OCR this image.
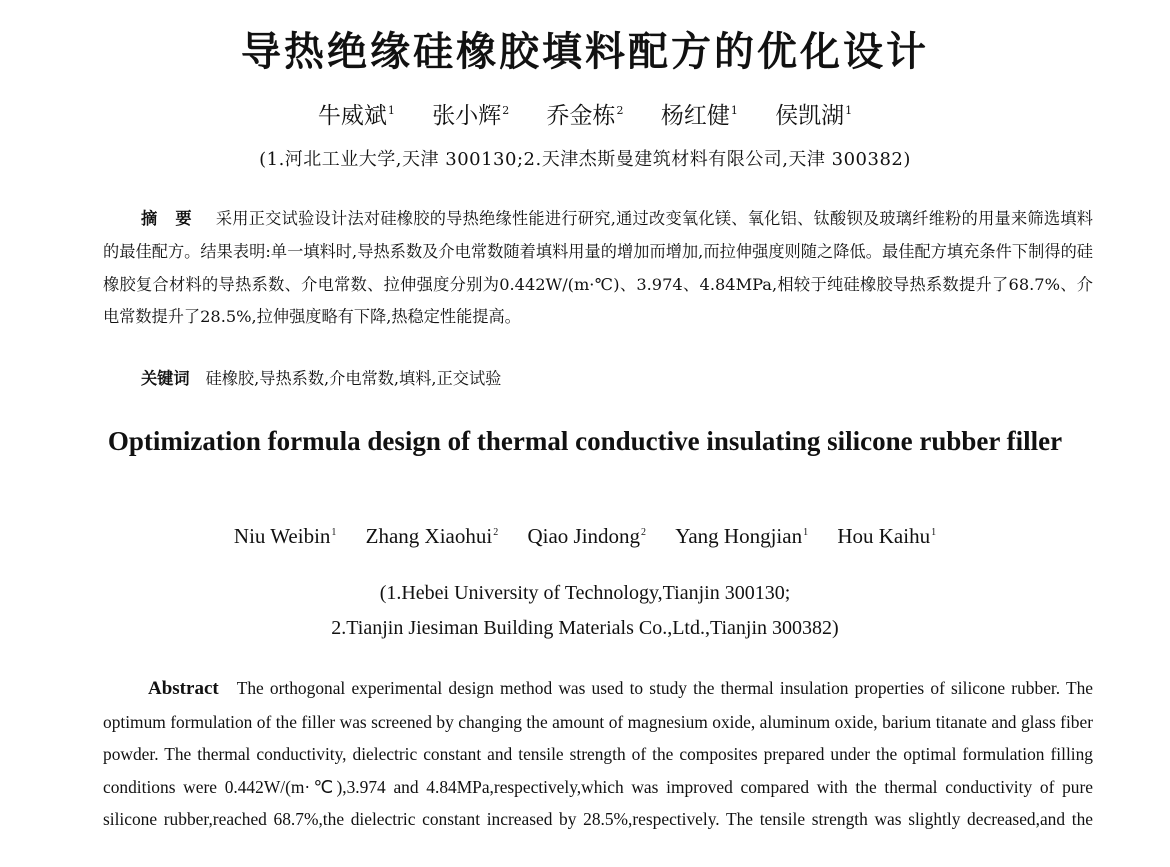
导热绝缘硅橡胶填料配方的优化设计
牛威斌$^1$ 张小辉$^2$ 乔金栋$^2$ 杨红健$^1$ 侯凯湖$^1$
(1.河北工业大学,天津 300130;2.天津杰斯曼建筑材料有限公司,天津 300382)
摘 要 采用正交试验设计法对硅橡胶的导热绝缘性能进行研究,通过改变氧化镁、氧化铝、钛酸钡及玻璃纤维粉的用量来筛选填料的最佳配方。结果表明:单一填料时,导热系数及介电常数随着填料用量的增加而增加,而拉伸强度则随之降低。最佳配方填充条件下制得的硅橡胶复合材料的导热系数、介电常数、拉伸强度分别为0.442W/(m·℃)、3.974、4.84MPa,相较于纯硅橡胶导热系数提升了68.7%、介电常数提升了28.5%,拉伸强度略有下降,热稳定性能提高。
关键词 硅橡胶,导热系数,介电常数,填料,正交试验
Optimization formula design of thermal conductive insulating silicone rubber filler
Niu Weibin$^1$ Zhang Xiaohui$^2$ Qiao Jindong$^2$ Yang Hongjian$^1$ Hou Kaihu$^1$
(1.Hebei University of Technology,Tianjin 300130;
2.Tianjin Jiesiman Building Materials Co.,Ltd.,Tianjin 300382)
Abstract The orthogonal experimental design method was used to study the thermal insulation properties of silicone rubber. The optimum formulation of the filler was screened by changing the amount of magnesium oxide, aluminum oxide, barium titanate and glass fiber powder. The thermal conductivity, dielectric constant and tensile strength of the composites prepared under the optimal formulation filling conditions were 0.442W/(m·℃),3.974 and 4.84MPa,respectively,which was improved compared with the thermal conductivity of pure silicone rubber,reached 68.7%,the dielectric constant increased by 28.5%,respectively. The tensile strength was slightly decreased,and the
